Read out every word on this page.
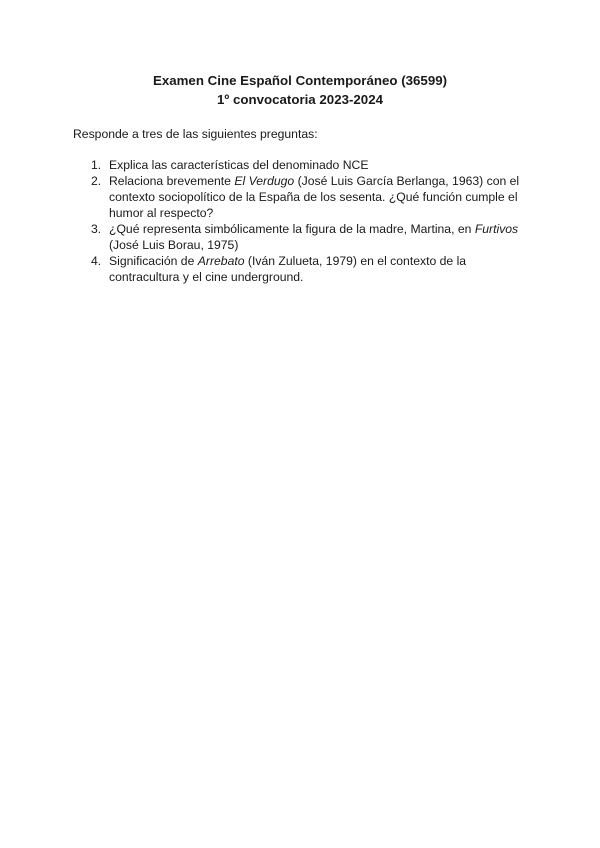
Examen Cine Español Contemporáneo (36599)
1º convocatoria 2023-2024
Responde a tres de las siguientes preguntas:
1. Explica las características del denominado NCE
2. Relaciona brevemente El Verdugo (José Luis García Berlanga, 1963) con el contexto sociopolítico de la España de los sesenta. ¿Qué función cumple el humor al respecto?
3. ¿Qué representa simbólicamente la figura de la madre, Martina, en Furtivos (José Luis Borau, 1975)
4. Significación de Arrebato (Iván Zulueta, 1979) en el contexto de la contracultura y el cine underground.
